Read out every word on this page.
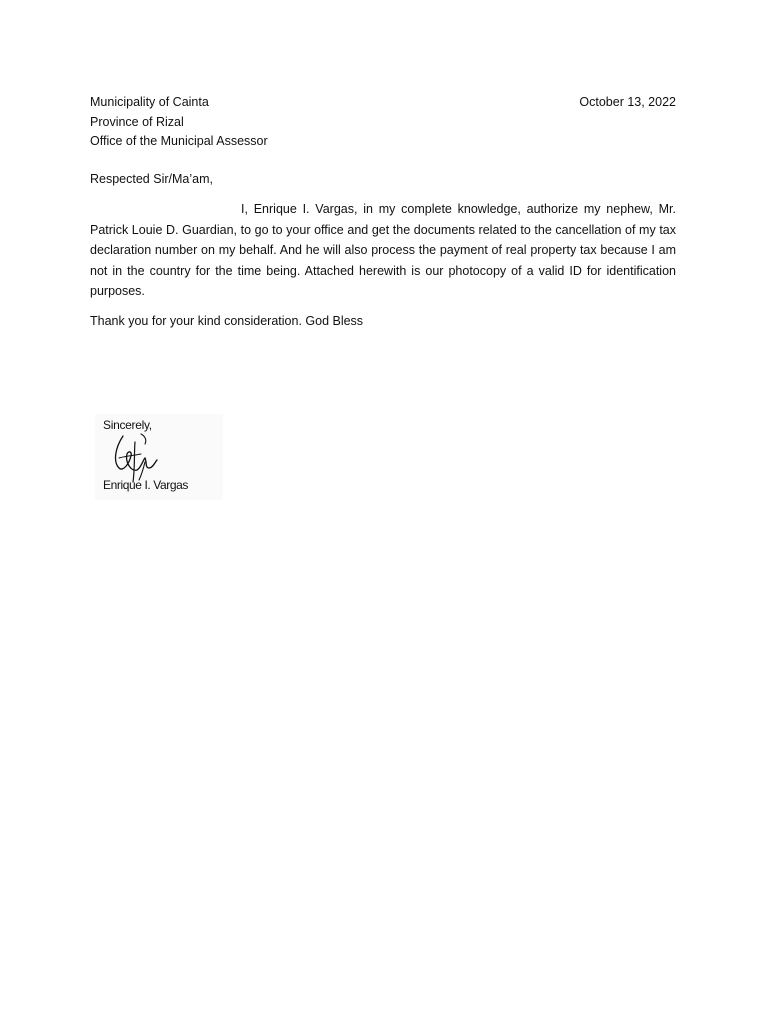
Municipality of Cainta
Province of Rizal
Office of the Municipal Assessor
October 13, 2022
Respected Sir/Ma’am,

I, Enrique I. Vargas, in my complete knowledge, authorize my nephew, Mr. Patrick Louie D. Guardian, to go to your office and get the documents related to the cancellation of my tax declaration number on my behalf. And he will also process the payment of real property tax because I am not in the country for the time being. Attached herewith is our photocopy of a valid ID for identification purposes.

Thank you for your kind consideration. God Bless
Sincerely,
Enrique I. Vargas
